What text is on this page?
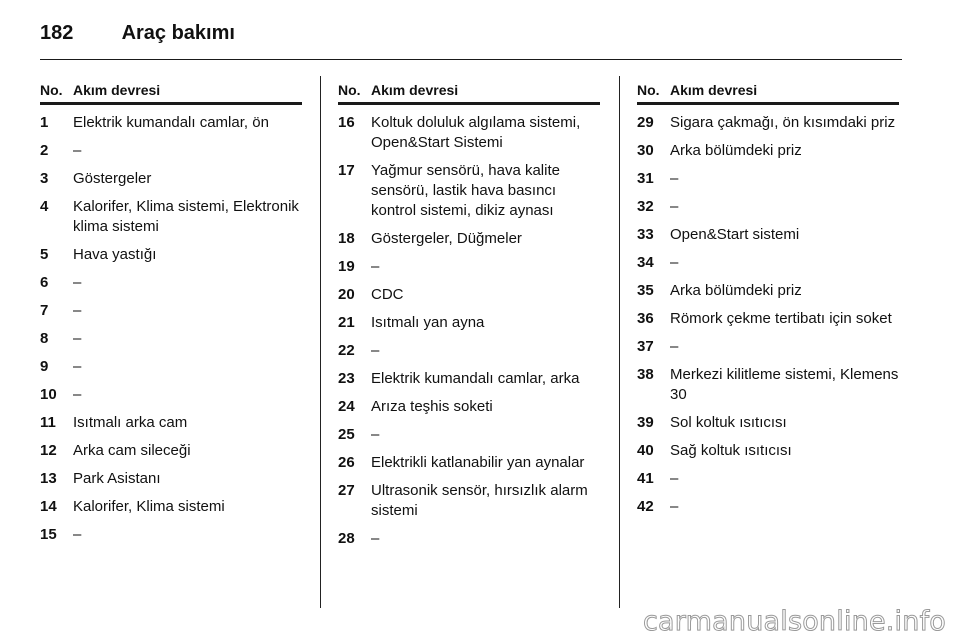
182 Araç bakımı
No. Akım devresi
1	Elektrik kumandalı camlar, ön
2	–
3	Göstergeler
4	Kalorifer, Klima sistemi, Elektronik klima sistemi
5	Hava yastığı
6	–
7	–
8	–
9	–
10	–
11	Isıtmalı arka cam
12	Arka cam sileceği
13	Park Asistanı
14	Kalorifer, Klima sistemi
15	–
No. Akım devresi
16	Koltuk doluluk algılama sistemi, Open&Start Sistemi
17	Yağmur sensörü, hava kalite sensörü, lastik hava basıncı kontrol sistemi, dikiz aynası
18	Göstergeler, Düğmeler
19	–
20	CDC
21	Isıtmalı yan ayna
22	–
23	Elektrik kumandalı camlar, arka
24	Arıza teşhis soketi
25	–
26	Elektrikli katlanabilir yan aynalar
27	Ultrasonik sensör, hırsızlık alarm sistemi
28	–
No. Akım devresi
29	Sigara çakmağı, ön kısımdaki priz
30	Arka bölümdeki priz
31	–
32	–
33	Open&Start sistemi
34	–
35	Arka bölümdeki priz
36	Römork çekme tertibatı için soket
37	–
38	Merkezi kilitleme sistemi, Klemens 30
39	Sol koltuk ısıtıcısı
40	Sağ koltuk ısıtıcısı
41	–
42	–
carmanualsonline.info
